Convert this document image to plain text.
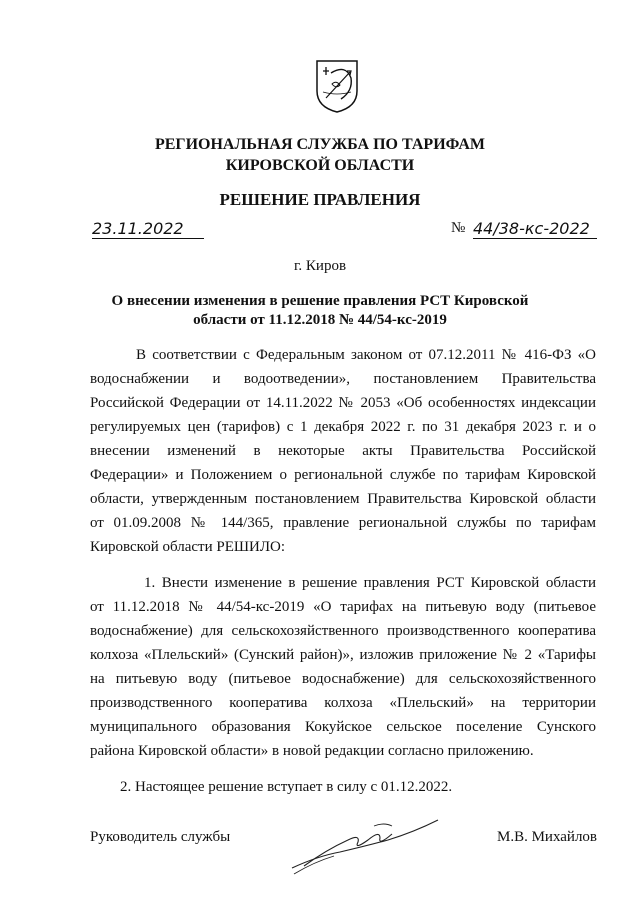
РЕГИОНАЛЬНАЯ СЛУЖБА ПО ТАРИФАМ
КИРОВСКОЙ ОБЛАСТИ
РЕШЕНИЕ ПРАВЛЕНИЯ
23.11.2022	№ 44/38-кс-2022
г. Киров
О внесении изменения в решение правления РСТ Кировской
области от 11.12.2018 № 44/54-кс-2019
В соответствии с Федеральным законом от 07.12.2011 № 416-ФЗ «О
водоснабжении и водоотведении», постановлением Правительства
Российской Федерации от 14.11.2022 № 2053 «Об особенностях индексации
регулируемых цен (тарифов) с 1 декабря 2022 г. по 31 декабря 2023 г. и о
внесении изменений в некоторые акты Правительства Российской
Федерации» и Положением о региональной службе по тарифам Кировской
области, утвержденным постановлением Правительства Кировской области
от 01.09.2008 № 144/365, правление региональной службы по тарифам
Кировской области РЕШИЛО:
1. Внести изменение в решение правления РСТ Кировской области
от 11.12.2018 № 44/54-кс-2019 «О тарифах на питьевую воду (питьевое
водоснабжение) для сельскохозяйственного производственного кооператива
колхоза «Плельский» (Сунский район)», изложив приложение № 2 «Тарифы
на питьевую воду (питьевое водоснабжение) для сельскохозяйственного
производственного кооператива колхоза «Плельский» на территории
муниципального образования Кокуйское сельское поселение Сунского
района Кировской области» в новой редакции согласно приложению.
2. Настоящее решение вступает в силу с 01.12.2022.
Руководитель службы	М.В. Михайлов
